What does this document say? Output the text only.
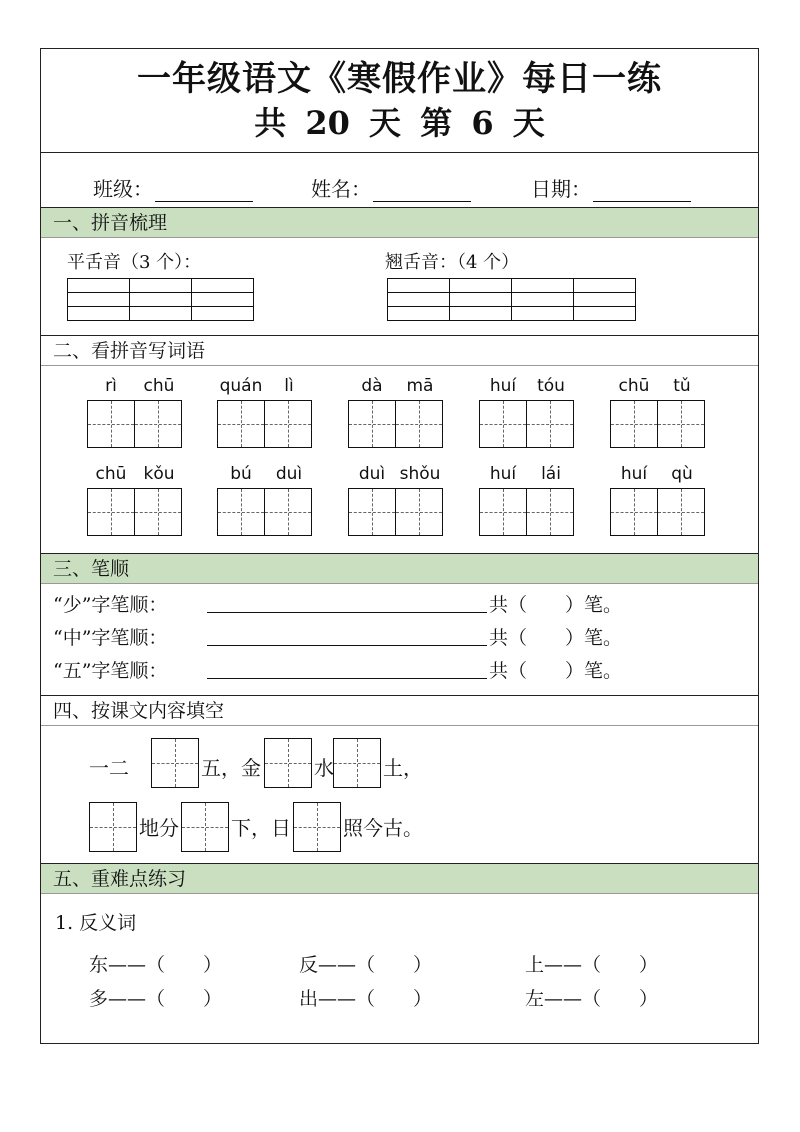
一年级语文《寒假作业》每日一练
共 20 天 第 6 天
班级：	姓名：	日期：
一、拼音梳理
平舌音（3 个）：

			翘舌音：（4 个）

二、看拼音写词语
rì	chū	quán	lì	dà	mā	huí	tóu	chū	tǔ
chū	kǒu	bú	duì	duì shǒu	huí	lái	huí	qù
三、笔顺
“少”字笔顺：	共（　　）笔。
“中”字笔顺：	共（　　）笔。
“五”字笔顺：	共（　　）笔。
四、按课文内容填空
一二	五，金	水 土，
地分	下，日	照今古。
五、重难点练习
1. 反义词
东——（　　）	反——（　　）	上——（　　）
多——（　　）	出——（　　）	左——（　　）
